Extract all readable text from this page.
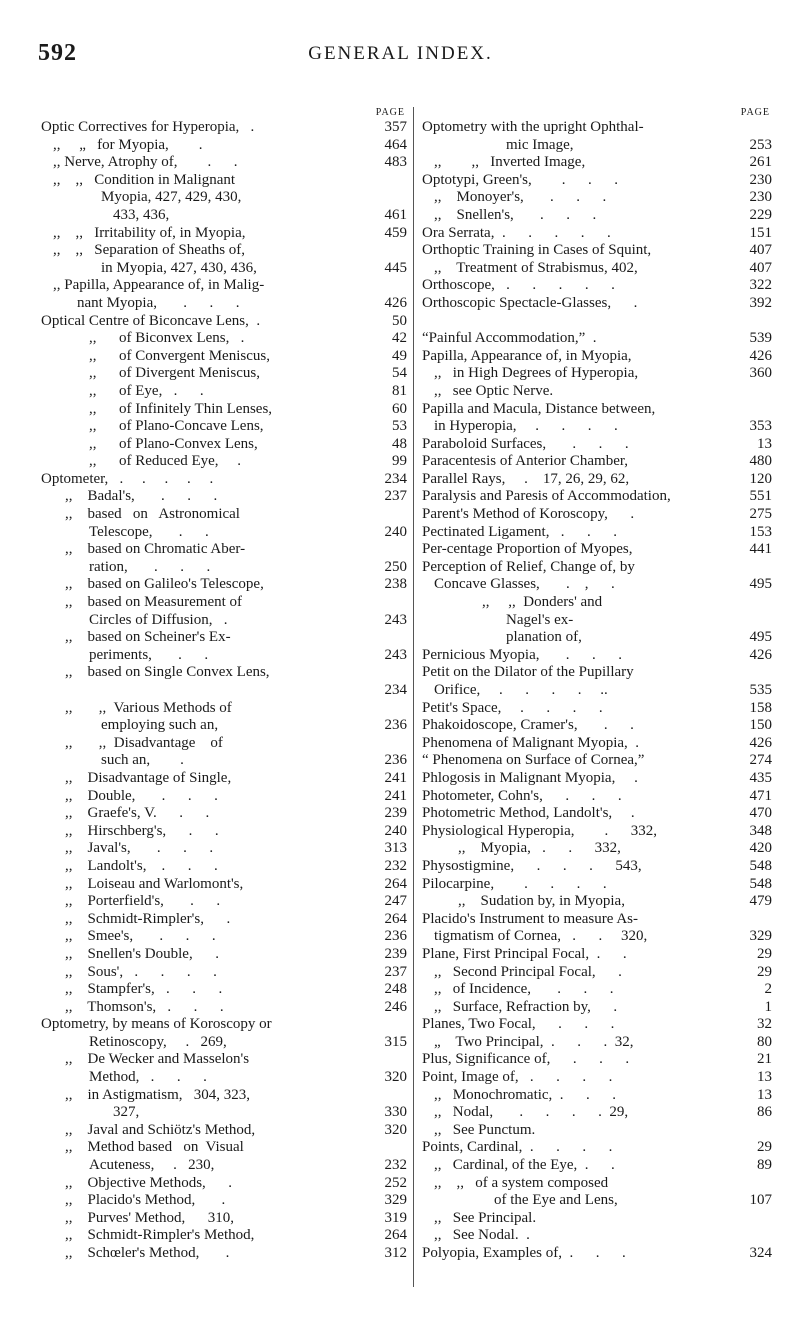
592	GENERAL INDEX.
PAGE
Optic Correctives for Hyperopia,   .	357
,,     „   for Myopia,        .	464
,, Nerve, Atrophy of,        .      .	483
,,    ,,   Condition in Malignant
Myopia, 427, 429, 430,
433, 436,	461
,,    ,,   Irritability of, in Myopia,	459
,,    ,,   Separation of Sheaths of,
in Myopia, 427, 430, 436,	445
,, Papilla, Appearance of, in Malig-
nant Myopia,       .      .      .	426
Optical Centre of Biconcave Lens,  .	50
,,      of Biconvex Lens,   .	42
,,      of Convergent Meniscus,	49
,,      of Divergent Meniscus,	54
,,      of Eye,   .      .	81
,,      of Infinitely Thin Lenses,	60
,,      of Plano-Concave Lens,	53
,,      of Plano-Convex Lens,	48
,,      of Reduced Eye,     .	99
Optometer,   .     .     .     .     .	234
,,    Badal's,       .      .      .	237
,,    based   on   Astronomical
Telescope,       .      .	240
,,    based on Chromatic Aber-
ration,       .      .      .	250
,,    based on Galileo's Telescope,	238
,,    based on Measurement of
Circles of Diffusion,   .	243
,,    based on Scheiner's Ex-
periments,       .      .	243
,,    based on Single Convex Lens,
234
,,       ,,  Various Methods of
employing such an,	236
,,       ,,  Disadvantage    of
such an,        .	236
,,    Disadvantage of Single,	241
,,    Double,       .      .      .	241
,,    Graefe's, V.      .      .	239
,,    Hirschberg's,      .      .	240
,,    Javal's,       .      .      .	313
,,    Landolt's,    .      .      .	232
,,    Loiseau and Warlomont's,	264
,,    Porterfield's,       .      .	247
,,    Schmidt-Rimpler's,      .	264
,,    Smee's,       .      .      .	236
,,    Snellen's Double,      .	239
,,    Sous',   .      .      .      .	237
,,    Stampfer's,   .      .      .	248
,,    Thomson's,   .      .      .	246
Optometry, by means of Koroscopy or
Retinoscopy,     .   269,	315
,,    De Wecker and Masselon's
Method,   .      .      .	320
,,    in Astigmatism,   304, 323,
327,	330
,,    Javal and Schiötz's Method,	320
,,    Method based   on  Visual
Acuteness,     .   230,	232
,,    Objective Methods,      .	252
,,    Placido's Method,       .	329
,,    Purves' Method,      310,	319
,,    Schmidt-Rimpler's Method,	264
,,    Schœler's Method,       .	312
PAGE
Optometry with the upright Ophthal-
mic Image,	253
,,        ,,   Inverted Image,	261
Optotypi, Green's,        .      .      .	230
,,    Monoyer's,       .      .      .	230
,,    Snellen's,       .      .      .	229
Ora Serrata,  .      .      .      .      .	151
Orthoptic Training in Cases of Squint,	407
,,    Treatment of Strabismus, 402,	407
Orthoscope,   .      .      .      .      .	322
Orthoscopic Spectacle-Glasses,      .	392
“Painful Accommodation,”  .	539
Papilla, Appearance of, in Myopia,	426
,,   in High Degrees of Hyperopia,	360
,,   see Optic Nerve.
Papilla and Macula, Distance between,
in Hyperopia,     .      .      .      .	353
Paraboloid Surfaces,       .      .      .	13
Paracentesis of Anterior Chamber,	480
Parallel Rays,     .    17, 26, 29, 62,	120
Paralysis and Paresis of Accommodation,	551
Parent's Method of Koroscopy,      .	275
Pectinated Ligament,   .      .      .	153
Per-centage Proportion of Myopes,	441
Perception of Relief, Change of, by
Concave Glasses,       .    ,      .	495
,,     ,,  Donders' and
Nagel's ex-
planation of,	495
Pernicious Myopia,       .      .      .	426
Petit on the Dilator of the Pupillary
Orifice,     .      .      .      .     ..	535
Petit's Space,     .      .      .      .	158
Phakoidoscope, Cramer's,       .      .	150
Phenomena of Malignant Myopia,  .	426
“ Phenomena on Surface of Cornea,”	274
Phlogosis in Malignant Myopia,     .	435
Photometer, Cohn's,      .      .      .	471
Photometric Method, Landolt's,     .	470
Physiological Hyperopia,        .      332,	348
,,    Myopia,   .      .      332,	420
Physostigmine,      .      .      .      543,	548
Pilocarpine,        .      .      .      .	548
,,    Sudation by, in Myopia,	479
Placido's Instrument to measure As-
tigmatism of Cornea,   .      .     320,	329
Plane, First Principal Focal,  .      .	29
,,   Second Principal Focal,      .	29
,,   of Incidence,       .      .      .	2
,,   Surface, Refraction by,      .	1
Planes, Two Focal,      .      .      .	32
„    Two Principal,  .      .      .  32,	80
Plus, Significance of,      .      .      .	21
Point, Image of,   .      .      .      .	13
,,   Monochromatic,  .      .      .	13
,,   Nodal,       .      .      .      .  29,	86
,,   See Punctum.
Points, Cardinal,  .      .      .      .	29
,,   Cardinal, of the Eye,  .      .	89
,,    ,,   of a system composed
of the Eye and Lens,	107
,,   See Principal.
,,   See Nodal.  .
Polyopia, Examples of,  .      .      .	324
